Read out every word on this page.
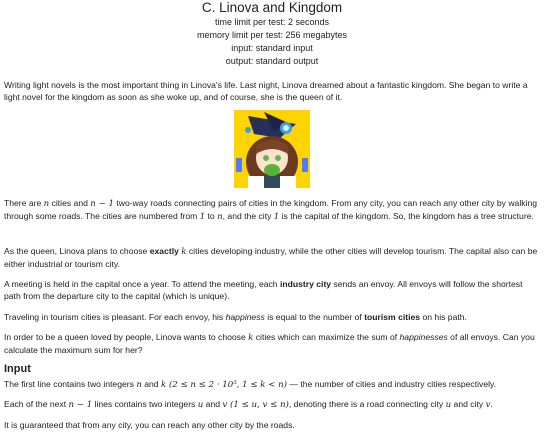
C. Linova and Kingdom
time limit per test: 2 seconds
memory limit per test: 256 megabytes
input: standard input
output: standard output

Writing light novels is the most important thing in Linova's life. Last night, Linova dreamed about a fantastic kingdom. She began to write a light novel for the kingdom as soon as she woke up, and of course, she is the queen of it.

There are n cities and n − 1 two-way roads connecting pairs of cities in the kingdom. From any city, you can reach any other city by walking through some roads. The cities are numbered from 1 to n, and the city 1 is the capital of the kingdom. So, the kingdom has a tree structure.

As the queen, Linova plans to choose exactly k cities developing industry, while the other cities will develop tourism. The capital also can be either industrial or tourism city.

A meeting is held in the capital once a year. To attend the meeting, each industry city sends an envoy. All envoys will follow the shortest path from the departure city to the capital (which is unique).

Traveling in tourism cities is pleasant. For each envoy, his happiness is equal to the number of tourism cities on his path.

In order to be a queen loved by people, Linova wants to choose k cities which can maximize the sum of happinesses of all envoys. Can you calculate the maximum sum for her?

Input

The first line contains two integers n and k (2 ≤ n ≤ 2 · 10⁵, 1 ≤ k < n) — the number of cities and industry cities respectively.

Each of the next n − 1 lines contains two integers u and v (1 ≤ u, v ≤ n), denoting there is a road connecting city u and city v.

It is guaranteed that from any city, you can reach any other city by the roads.
